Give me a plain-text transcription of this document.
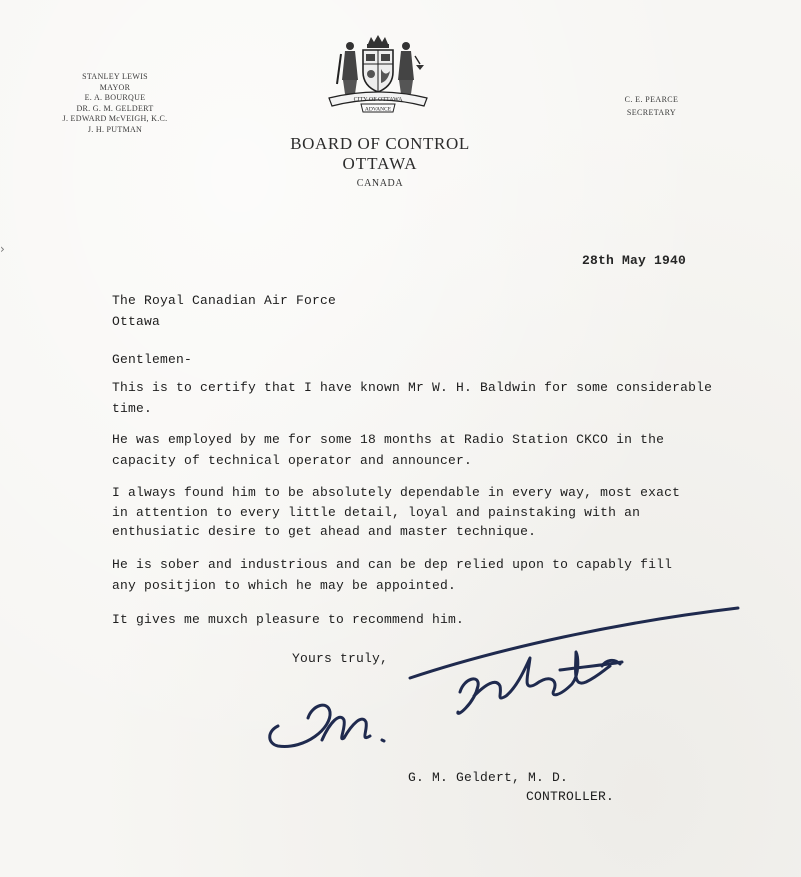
›
STANLEY LEWIS
MAYOR
E. A. BOURQUE
DR. G. M. GELDERT
J. EDWARD McVEIGH, K.C.
J. H. PUTMAN
CITY OF OTTAWA
ADVANCE
C. E. PEARCE
SECRETARY
BOARD OF CONTROL
OTTAWA
CANADA
28th May 1940
The Royal Canadian Air Force
Ottawa
Gentlemen-
This is to certify that I have known Mr W. H. Baldwin for some considerable
time.
He was employed by me for some 18 months at Radio Station CKCO in the
capacity of technical operator and announcer.
I always found him to be absolutely dependable in every way, most exact
in attention to every little detail, loyal and painstaking with an
enthusiatic desire to get ahead and master technique.
He is sober and industrious and can be dep relied upon to capably fill
any positjion to which he may be appointed.
It gives me muxch pleasure to recommend him.
Yours truly,
G. M. Geldert, M. D.
CONTROLLER.
